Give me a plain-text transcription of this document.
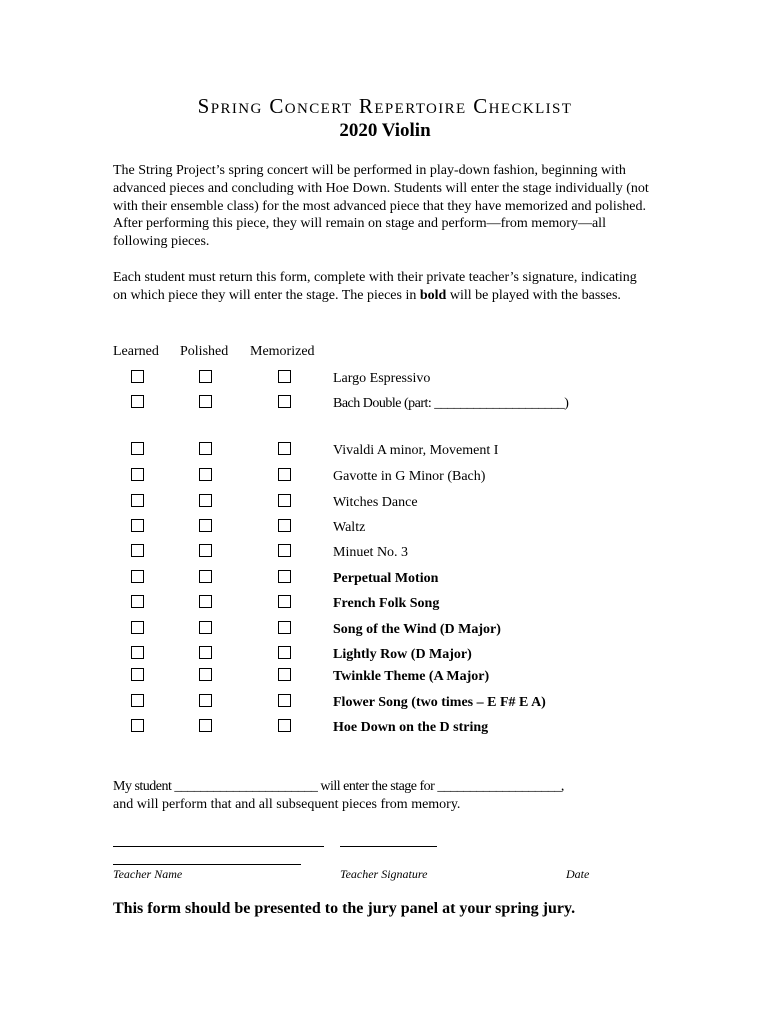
Spring Concert Repertoire Checklist
2020 Violin

The String Project’s spring concert will be performed in play-down fashion, beginning with advanced pieces and concluding with Hoe Down. Students will enter the stage individually (not with their ensemble class) for the most advanced piece that they have memorized and polished. After performing this piece, they will remain on stage and perform—from memory—all following pieces.

Each student must return this form, complete with their private teacher’s signature, indicating on which piece they will enter the stage. The pieces in bold will be played with the basses.

Learned Polished Memorized
Largo Espressivo
Bach Double (part: ____________________)
Vivaldi A minor, Movement I
Gavotte in G Minor (Bach)
Witches Dance
Waltz
Minuet No. 3
Perpetual Motion
French Folk Song
Song of the Wind (D Major)
Lightly Row (D Major)
Twinkle Theme (A Major)
Flower Song (two times – E F# E A)
Hoe Down on the D string
My student ______________________ will enter the stage for ___________________,
and will perform that and all subsequent pieces from memory.
Teacher Name	Teacher Signature	Date

This form should be presented to the jury panel at your spring jury.
